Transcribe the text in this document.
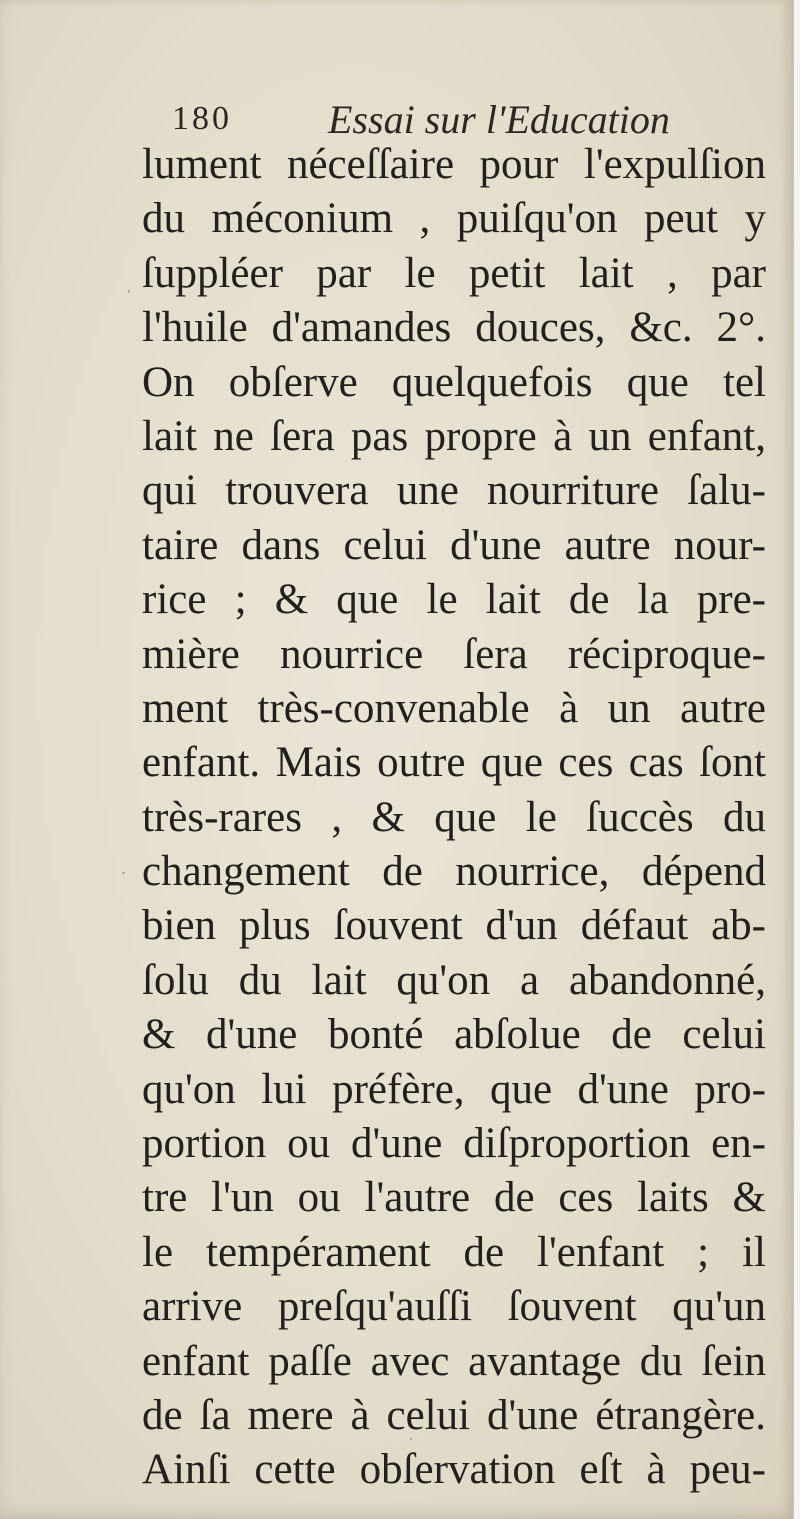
180 Essai sur l'Education
lument néceſſaire pour l'expulſion
du méconium , puiſqu'on peut y
ſuppléer par le petit lait , par
l'huile d'amandes douces, &c. 2°.
On obſerve quelquefois que tel
lait ne ſera pas propre à un enfant,
qui trouvera une nourriture ſalu-
taire dans celui d'une autre nour-
rice ; & que le lait de la pre-
mière nourrice ſera réciproque-
ment très-convenable à un autre
enfant. Mais outre que ces cas ſont
très-rares , & que le ſuccès du
changement de nourrice, dépend
bien plus ſouvent d'un défaut ab-
ſolu du lait qu'on a abandonné,
& d'une bonté abſolue de celui
qu'on lui préfère, que d'une pro-
portion ou d'une diſproportion en-
tre l'un ou l'autre de ces laits &
le tempérament de l'enfant ; il
arrive preſqu'auſſi ſouvent qu'un
enfant paſſe avec avantage du ſein
de ſa mere à celui d'une étrangère.
Ainſi cette obſervation eſt à peu-
